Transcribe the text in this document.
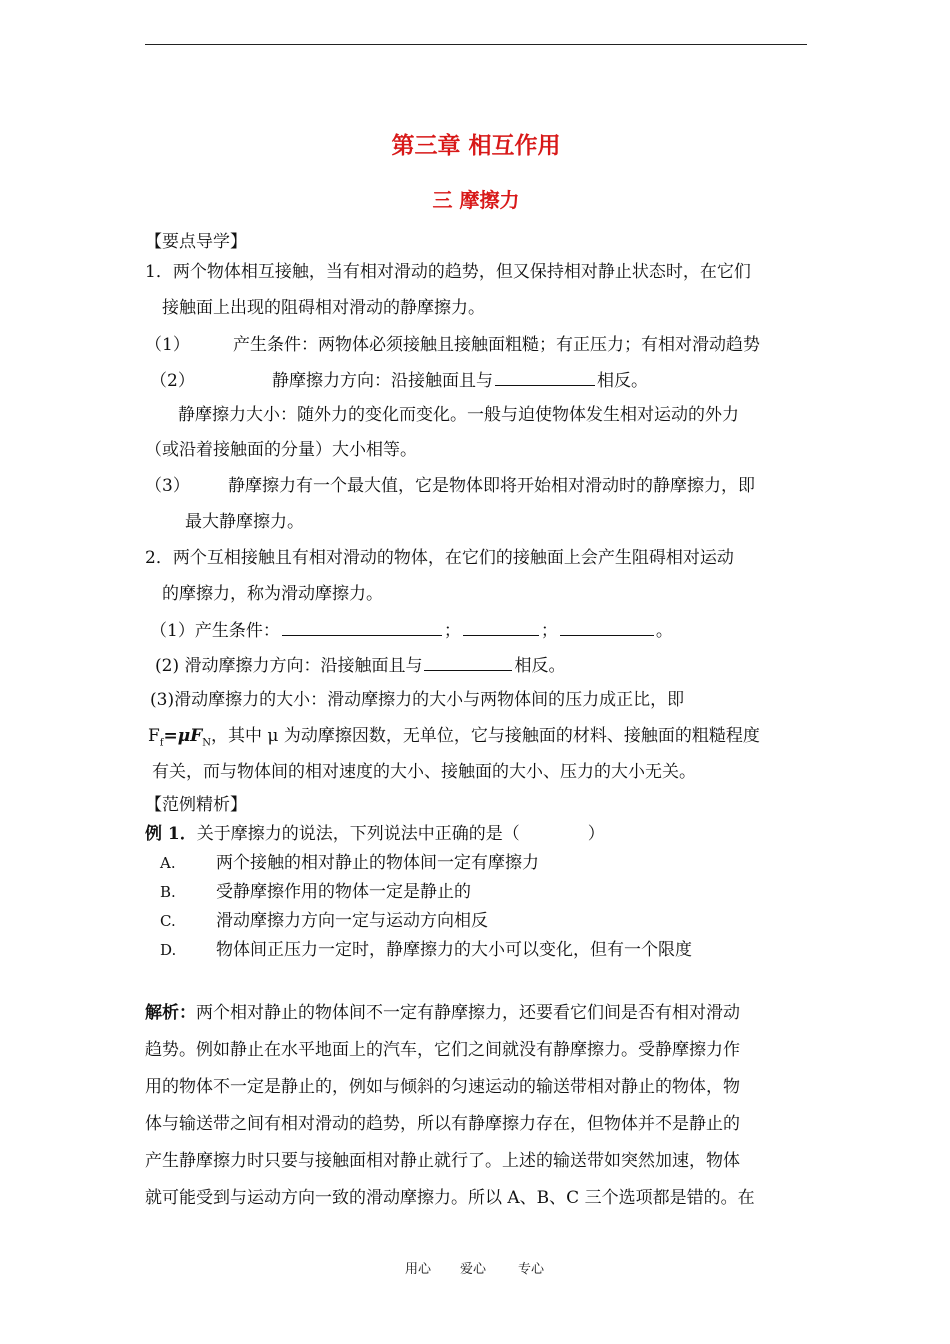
第三章 相互作用
三 摩擦力
【要点导学】
1．两个物体相互接触，当有相对滑动的趋势，但又保持相对静止状态时，在它们
接触面上出现的阻碍相对滑动的静摩擦力。
（1）	产生条件：两物体必须接触且接触面粗糙；有正压力；有相对滑动趋势
（2）	静摩擦力方向：沿接触面且与	相反。
静摩擦力大小：随外力的变化而变化。一般与迫使物体发生相对运动的外力
（或沿着接触面的分量）大小相等。
（3） 静摩擦力有一个最大值，它是物体即将开始相对滑动时的静摩擦力，即
最大静摩擦力。
2．两个互相接触且有相对滑动的物体，在它们的接触面上会产生阻碍相对运动
的摩擦力，称为滑动摩擦力。
（1）产生条件：	；	；	。
(2) 滑动摩擦力方向：沿接触面且与	相反。
(3)滑动摩擦力的大小：滑动摩擦力的大小与两物体间的压力成正比，即
$F_f=\mu F_N$，其中 μ 为动摩擦因数，无单位，它与接触面的材料、接触面的粗糙程度
有关，而与物体间的相对速度的大小、接触面的大小、压力的大小无关。
【范例精析】
例 1．关于摩擦力的说法，下列说法中正确的是（　　　　）
A. 两个接触的相对静止的物体间一定有摩擦力
B. 受静摩擦作用的物体一定是静止的
C. 滑动摩擦力方向一定与运动方向相反
D. 物体间正压力一定时，静摩擦力的大小可以变化，但有一个限度
解析：两个相对静止的物体间不一定有静摩擦力，还要看它们间是否有相对滑动
趋势。例如静止在水平地面上的汽车，它们之间就没有静摩擦力。受静摩擦力作
用的物体不一定是静止的，例如与倾斜的匀速运动的输送带相对静止的物体，物
体与输送带之间有相对滑动的趋势，所以有静摩擦力存在，但物体并不是静止的
产生静摩擦力时只要与接触面相对静止就行了。上述的输送带如突然加速，物体
就可能受到与运动方向一致的滑动摩擦力。所以 A、B、C 三个选项都是错的。在
用心 爱心 专心
